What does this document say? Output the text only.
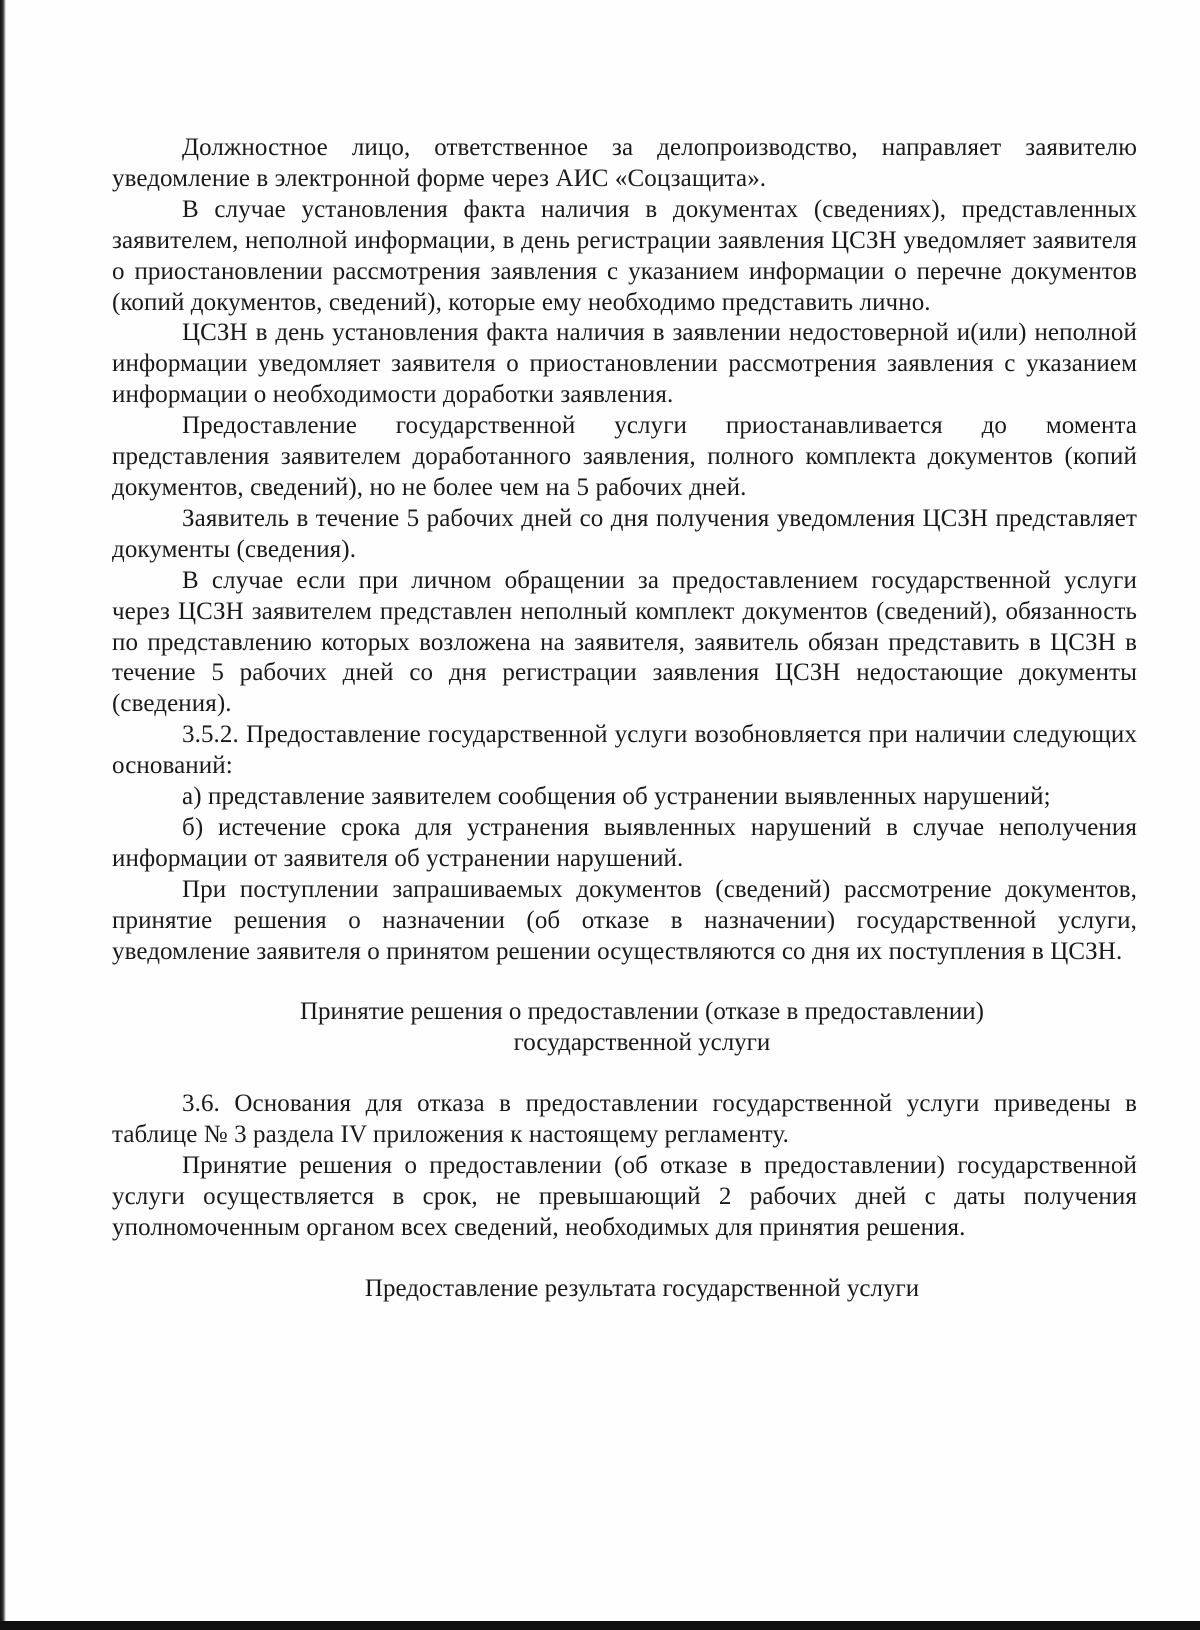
Должностное лицо, ответственное за делопроизводство, направляет заявителю уведомление в электронной форме через АИС «Соцзащита».

В случае установления факта наличия в документах (сведениях), представленных заявителем, неполной информации, в день регистрации заявления ЦСЗН уведомляет заявителя о приостановлении рассмотрения заявления с указанием информации о перечне документов (копий документов, сведений), которые ему необходимо представить лично.

ЦСЗН в день установления факта наличия в заявлении недостоверной и(или) неполной информации уведомляет заявителя о приостановлении рассмотрения заявления с указанием информации о необходимости доработки заявления.

Предоставление государственной услуги приостанавливается до момента представления заявителем доработанного заявления, полного комплекта документов (копий документов, сведений), но не более чем на 5 рабочих дней.

Заявитель в течение 5 рабочих дней со дня получения уведомления ЦСЗН представляет документы (сведения).

В случае если при личном обращении за предоставлением государственной услуги через ЦСЗН заявителем представлен неполный комплект документов (сведений), обязанность по представлению которых возложена на заявителя, заявитель обязан представить в ЦСЗН в течение 5 рабочих дней со дня регистрации заявления ЦСЗН недостающие документы (сведения).

3.5.2. Предоставление государственной услуги возобновляется при наличии следующих оснований:

а) представление заявителем сообщения об устранении выявленных нарушений;

б) истечение срока для устранения выявленных нарушений в случае неполучения информации от заявителя об устранении нарушений.

При поступлении запрашиваемых документов (сведений) рассмотрение документов, принятие решения о назначении (об отказе в назначении) государственной услуги, уведомление заявителя о принятом решении осуществляются со дня их поступления в ЦСЗН.

Принятие решения о предоставлении (отказе в предоставлении)
государственной услуги

3.6. Основания для отказа в предоставлении государственной услуги приведены в таблице № 3 раздела IV приложения к настоящему регламенту.

Принятие решения о предоставлении (об отказе в предоставлении) государственной услуги осуществляется в срок, не превышающий 2 рабочих дней с даты получения уполномоченным органом всех сведений, необходимых для принятия решения.

Предоставление результата государственной услуги
